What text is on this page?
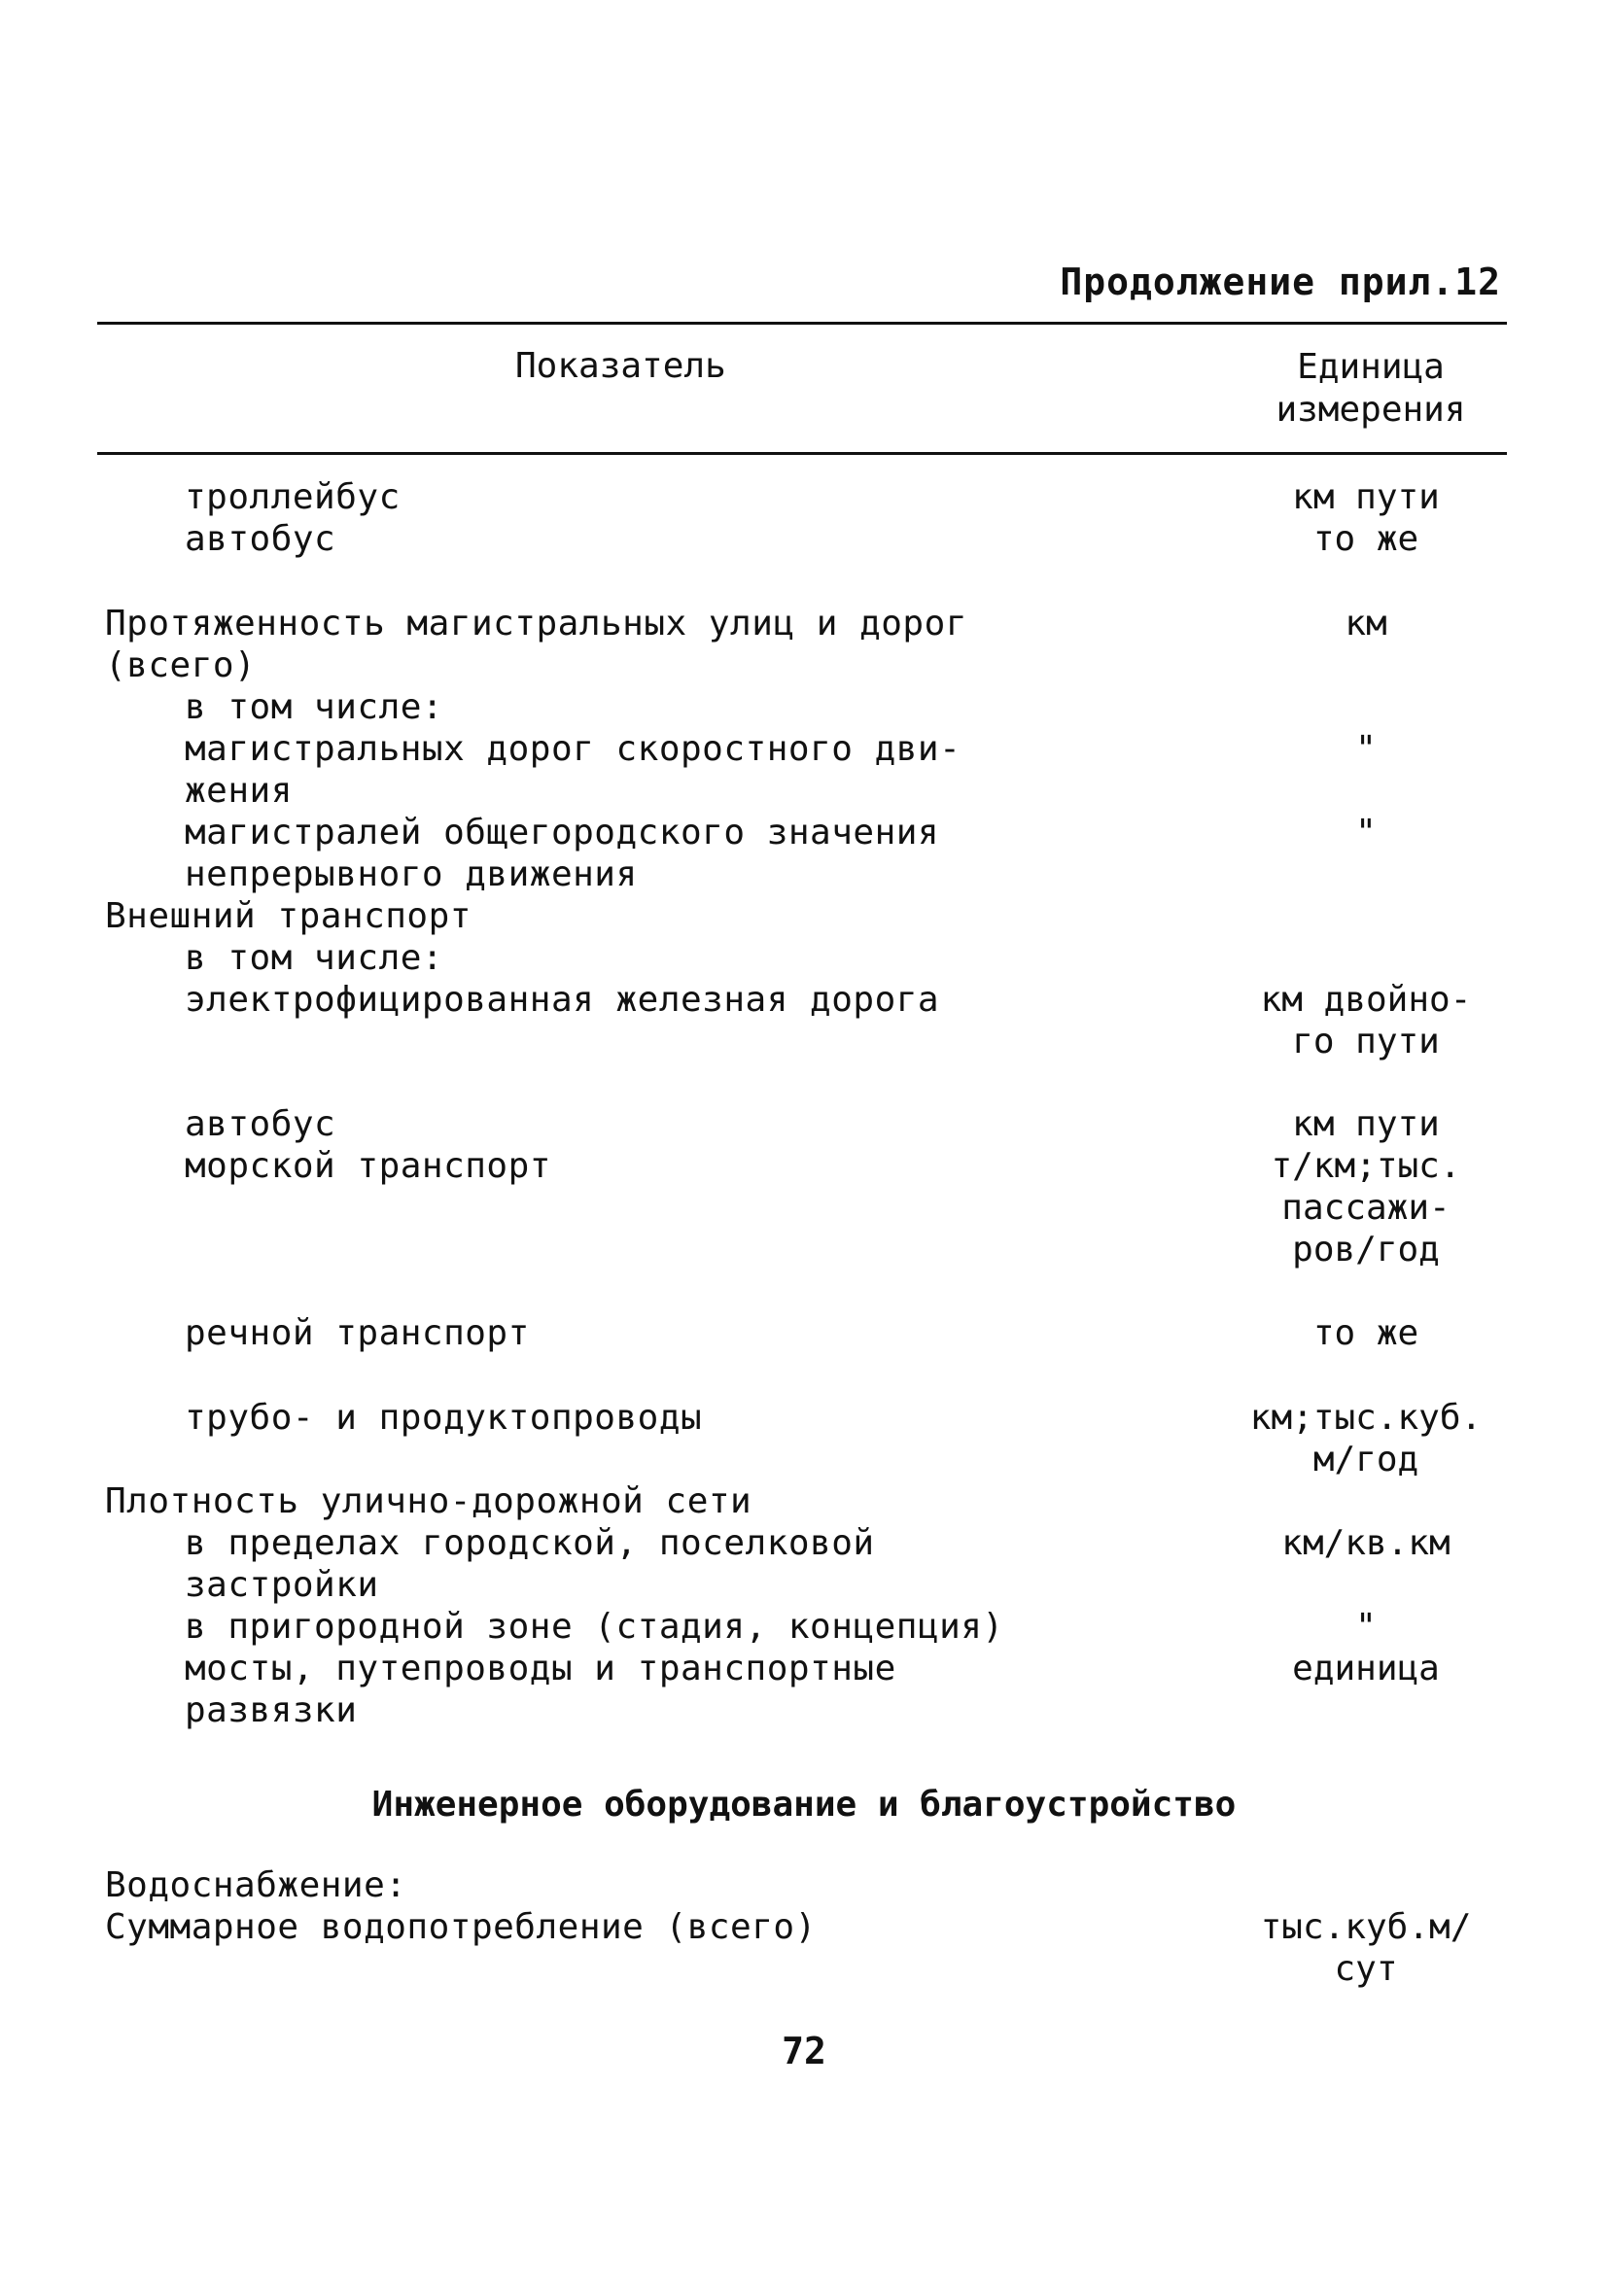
Продолжение прил.12
Показатель	Единица
измерения
троллейбус	км пути
автобус	то же
Протяженность магистральных улиц и дорог	км
(всего)
в том числе:
магистральных дорог скоростного дви-	"
жения
магистралей общегородского значения	"
непрерывного движения
Внешний транспорт
в том числе:
электрофицированная железная дорога	км двойно-
го пути
автобус	км пути
морской транспорт	т/км;тыс.
пассажи-
ров/год
речной транспорт	то же
трубо- и продуктопроводы	км;тыс.куб.
м/год
Плотность улично-дорожной сети
в пределах городской, поселковой	км/кв.км
застройки
в пригородной зоне (стадия, концепция)	"
мосты, путепроводы и транспортные	единица
развязки
Инженерное оборудование и благоустройство
Водоснабжение:
Суммарное водопотребление (всего)	тыс.куб.м/
сут
72
